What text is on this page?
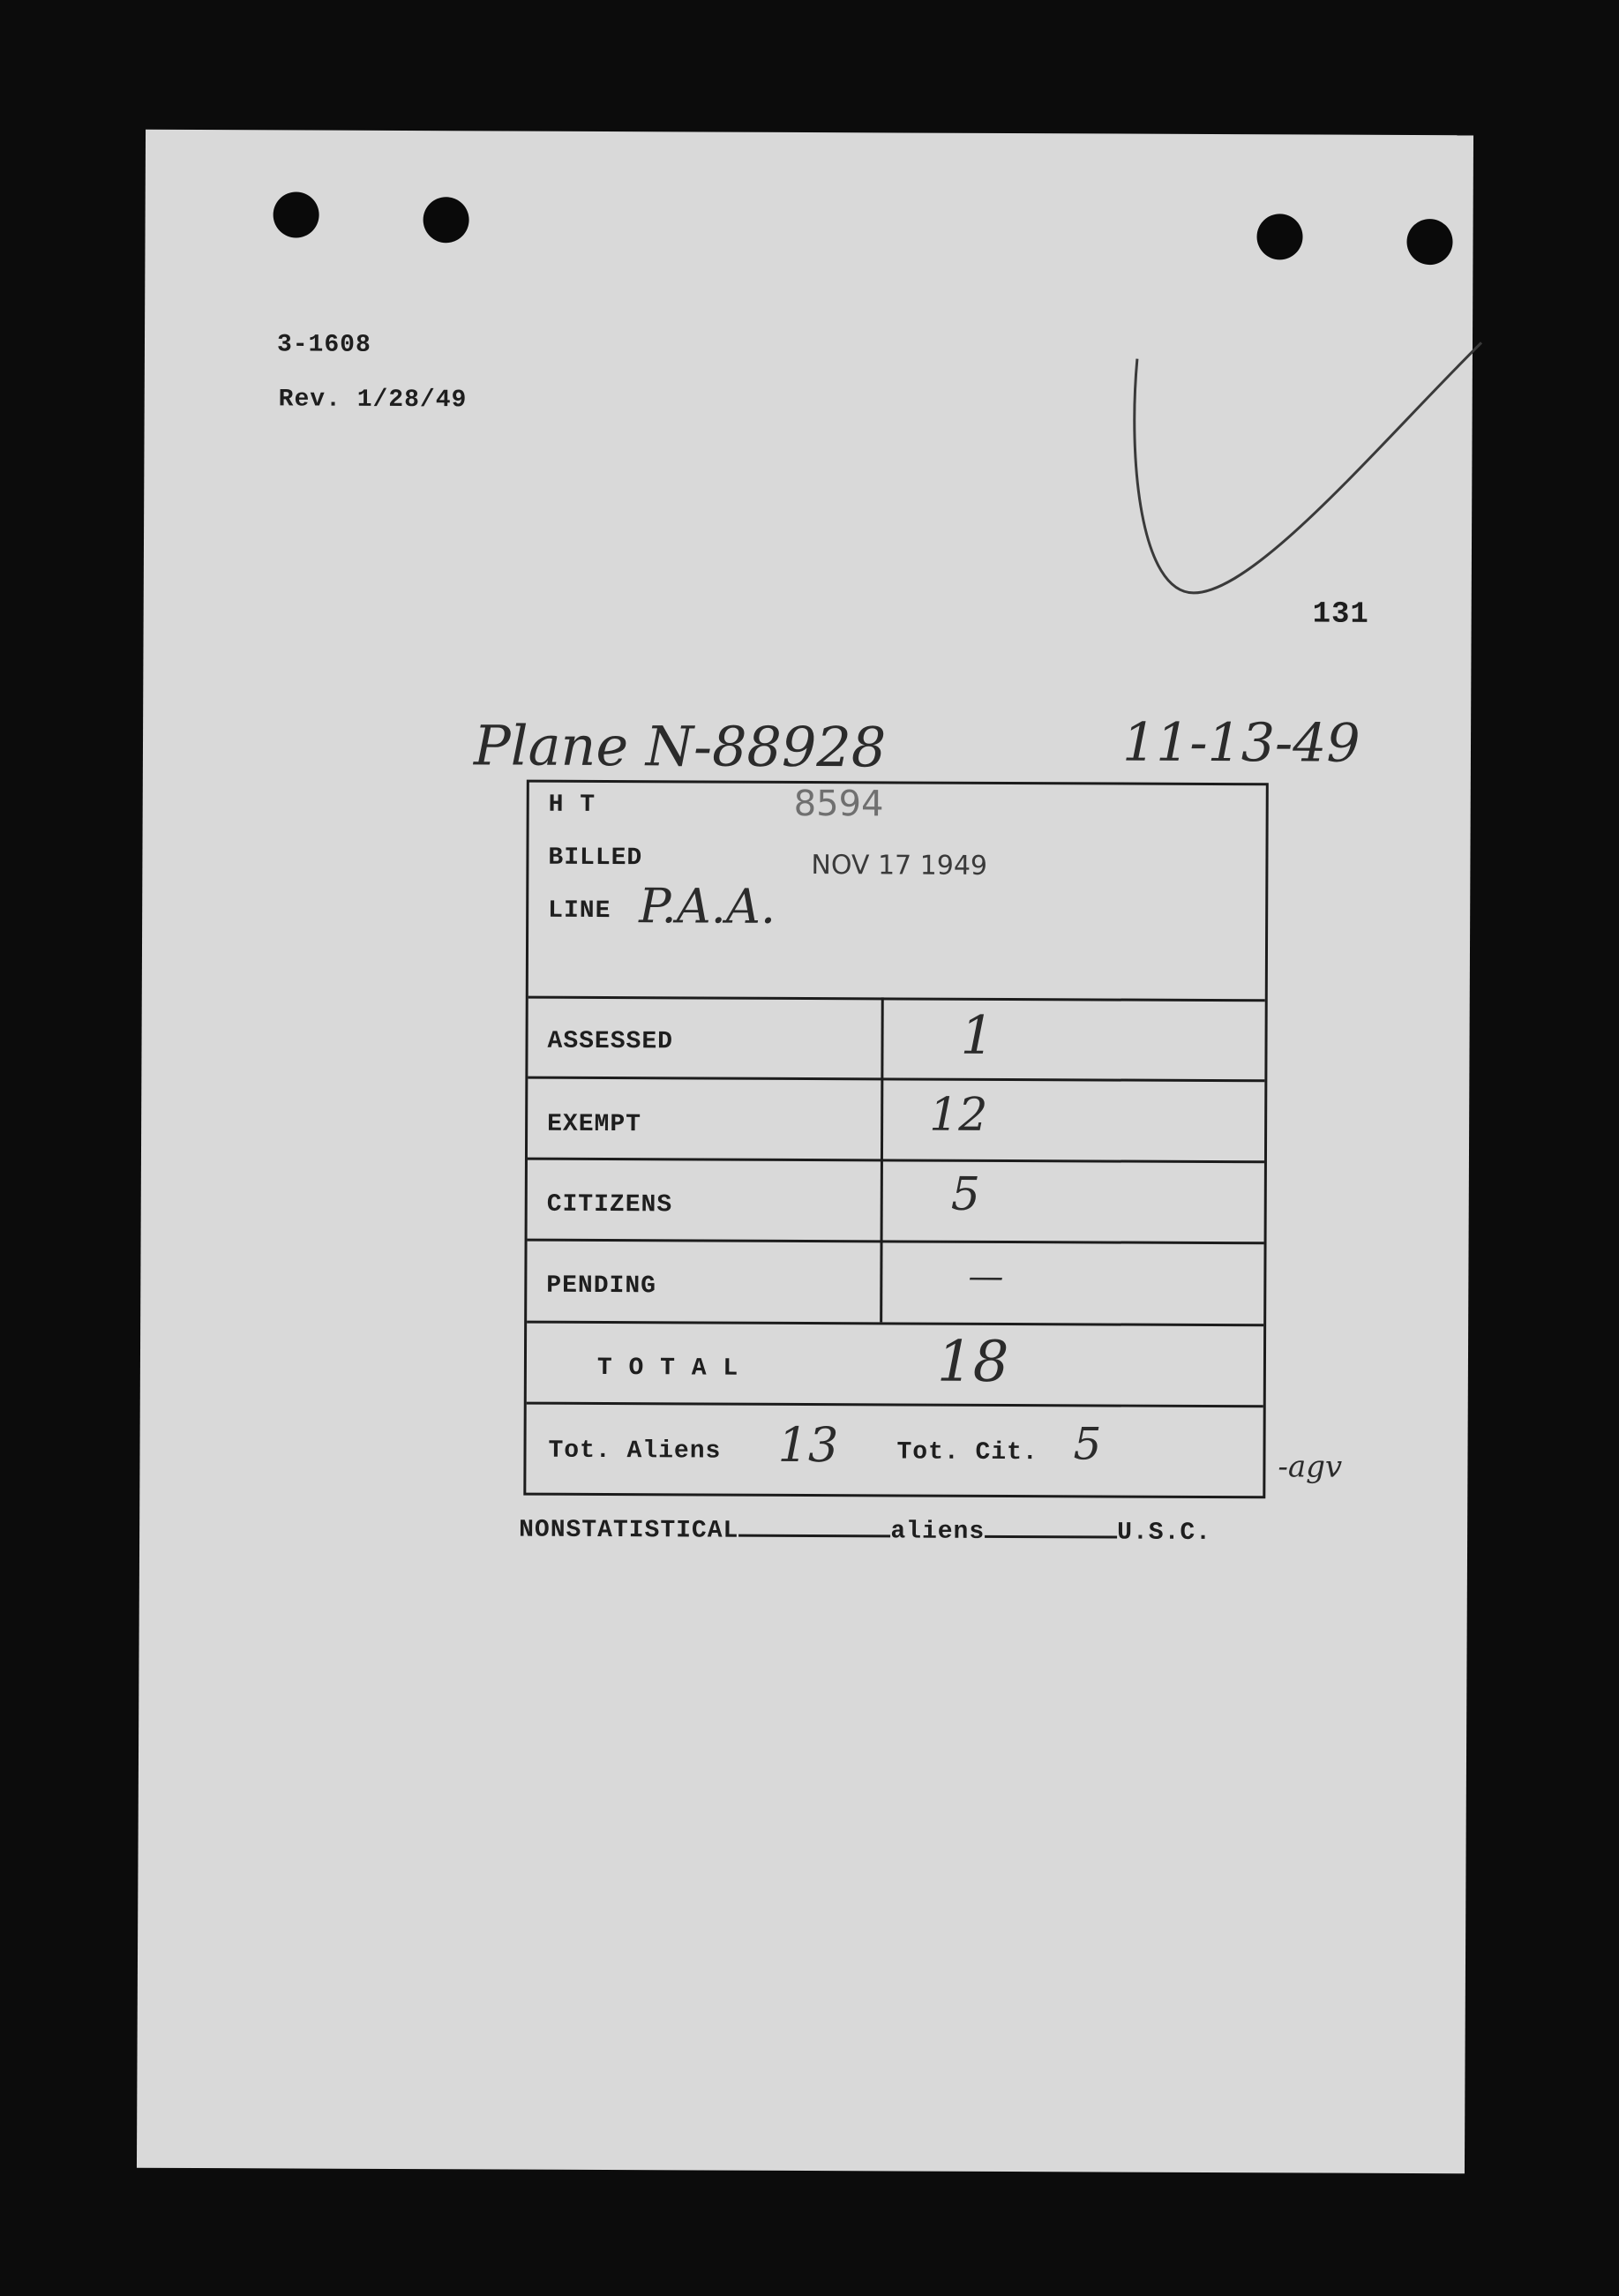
3-1608
Rev. 1/28/49
131
Plane N-88928	11-13-49
H T	8594
BILLED	NOV 17 1949
LINE P.A.A.
ASSESSED	1
EXEMPT	12
CITIZENS	5
PENDING	—
T O T A L	18
Tot. Aliens 13 Tot. Cit. 5	-agv
NONSTATISTICAL	aliens	U.S.C.
